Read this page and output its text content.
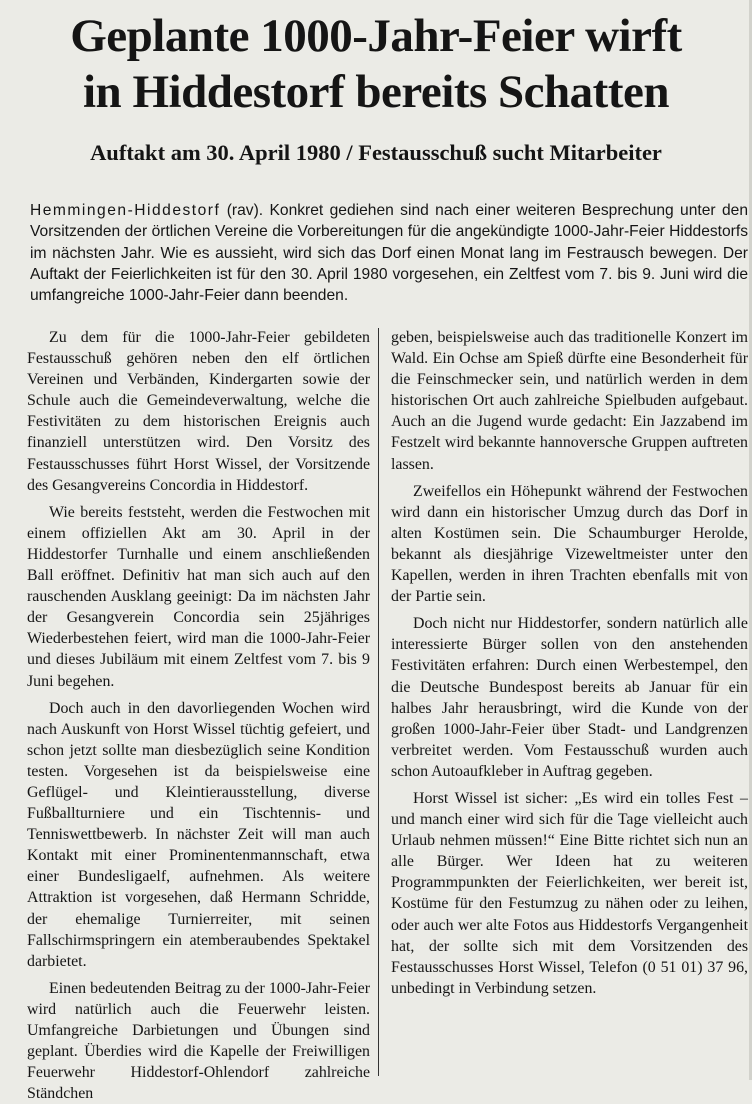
Geplante 1000-Jahr-Feier wirft
in Hiddestorf bereits Schatten
Auftakt am 30. April 1980 / Festausschuß sucht Mitarbeiter

Hemmingen-Hiddestorf (rav). Konkret gediehen sind nach einer weiteren Besprechung unter den Vorsitzenden der örtlichen Vereine die Vorbereitungen für die angekündigte 1000-Jahr-Feier Hiddestorfs im nächsten Jahr. Wie es aussieht, wird sich das Dorf einen Monat lang im Festrausch bewegen. Der Auftakt der Feierlichkeiten ist für den 30. April 1980 vorgesehen, ein Zeltfest vom 7. bis 9. Juni wird die umfangreiche 1000-Jahr-Feier dann beenden.

Zu dem für die 1000-Jahr-Feier gebildeten Festausschuß gehören neben den elf örtlichen Vereinen und Verbänden, Kindergarten sowie der Schule auch die Gemeindeverwaltung, welche die Festivitäten zu dem historischen Ereignis auch finanziell unterstützen wird. Den Vorsitz des Festausschusses führt Horst Wissel, der Vorsitzende des Gesangvereins Concordia in Hiddestorf.

Wie bereits feststeht, werden die Festwochen mit einem offiziellen Akt am 30. April in der Hiddestorfer Turnhalle und einem anschließenden Ball eröffnet. Definitiv hat man sich auch auf den rauschenden Ausklang geeinigt: Da im nächsten Jahr der Gesangverein Concordia sein 25jähriges Wiederbestehen feiert, wird man die 1000-Jahr-Feier und dieses Jubiläum mit einem Zeltfest vom 7. bis 9 Juni begehen.

Doch auch in den davorliegenden Wochen wird nach Auskunft von Horst Wissel tüchtig gefeiert, und schon jetzt sollte man diesbezüglich seine Kondition testen. Vorgesehen ist da beispielsweise eine Geflügel- und Kleintierausstellung, diverse Fußballturniere und ein Tischtennis- und Tenniswettbewerb. In nächster Zeit will man auch Kontakt mit einer Prominentenmannschaft, etwa einer Bundesligaelf, aufnehmen. Als weitere Attraktion ist vorgesehen, daß Hermann Schridde, der ehemalige Turnierreiter, mit seinen Fallschirmspringern ein atemberaubendes Spektakel darbietet.

Einen bedeutenden Beitrag zu der 1000-Jahr-Feier wird natürlich auch die Feuerwehr leisten. Umfangreiche Darbietungen und Übungen sind geplant. Überdies wird die Kapelle der Freiwilligen Feuerwehr Hiddestorf-Ohlendorf zahlreiche Ständchen

geben, beispielsweise auch das traditionelle Konzert im Wald. Ein Ochse am Spieß dürfte eine Besonderheit für die Feinschmecker sein, und natürlich werden in dem historischen Ort auch zahlreiche Spielbuden aufgebaut. Auch an die Jugend wurde gedacht: Ein Jazzabend im Festzelt wird bekannte hannoversche Gruppen auftreten lassen.

Zweifellos ein Höhepunkt während der Festwochen wird dann ein historischer Umzug durch das Dorf in alten Kostümen sein. Die Schaumburger Herolde, bekannt als diesjährige Vizeweltmeister unter den Kapellen, werden in ihren Trachten ebenfalls mit von der Partie sein.

Doch nicht nur Hiddestorfer, sondern natürlich alle interessierte Bürger sollen von den anstehenden Festivitäten erfahren: Durch einen Werbestempel, den die Deutsche Bundespost bereits ab Januar für ein halbes Jahr herausbringt, wird die Kunde von der großen 1000-Jahr-Feier über Stadt- und Landgrenzen verbreitet werden. Vom Festausschuß wurden auch schon Autoaufkleber in Auftrag gegeben.

Horst Wissel ist sicher: „Es wird ein tolles Fest – und manch einer wird sich für die Tage vielleicht auch Urlaub nehmen müssen!“ Eine Bitte richtet sich nun an alle Bürger. Wer Ideen hat zu weiteren Programmpunkten der Feierlichkeiten, wer bereit ist, Kostüme für den Festumzug zu nähen oder zu leihen, oder auch wer alte Fotos aus Hiddestorfs Vergangenheit hat, der sollte sich mit dem Vorsitzenden des Festausschusses Horst Wissel, Telefon (0 51 01) 37 96, unbedingt in Verbindung setzen.
